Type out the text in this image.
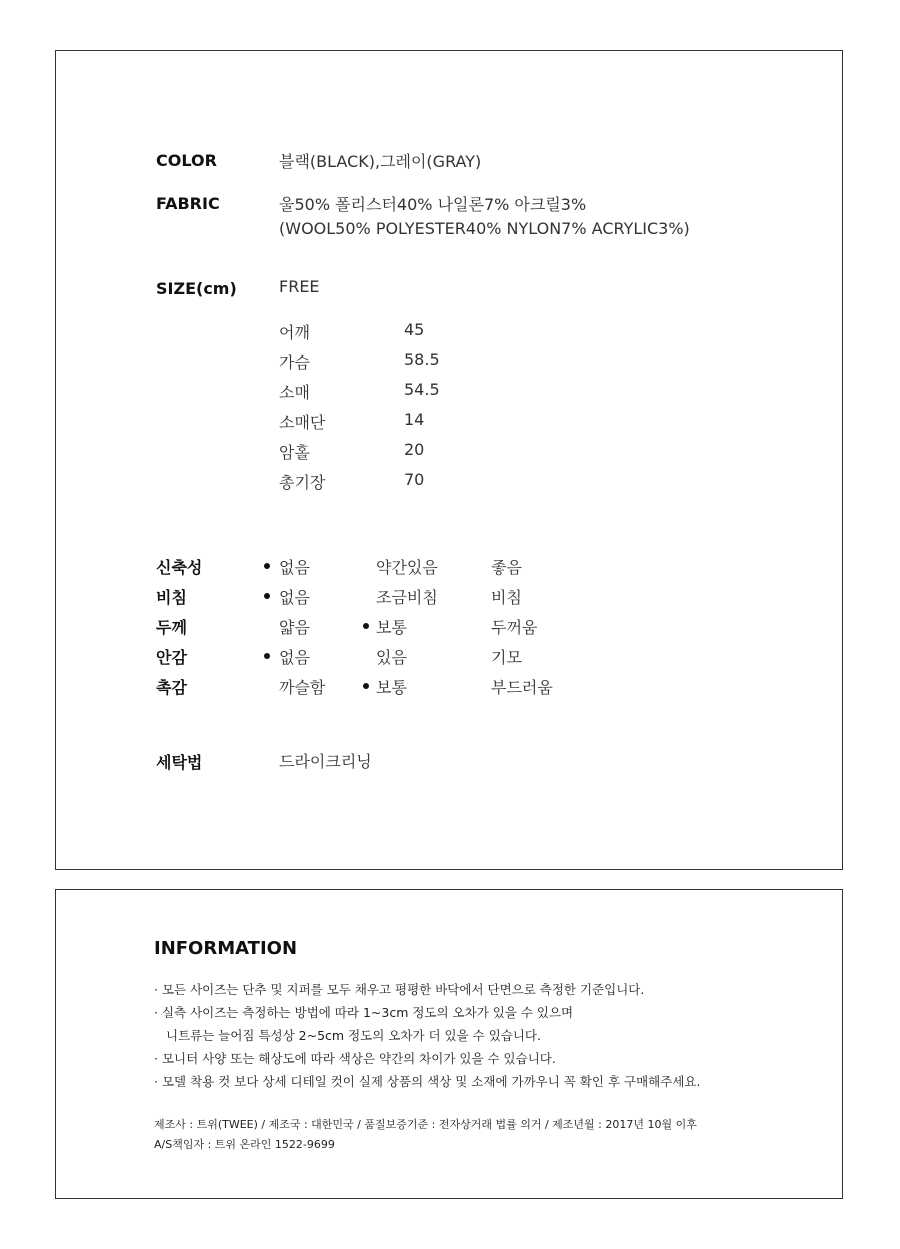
COLOR	블랙(BLACK),그레이(GRAY)
FABRIC	울50% 폴리스터40% 나일론7% 아크릴3%
(WOOL50% POLYESTER40% NYLON7% ACRYLIC3%)
SIZE(cm)	FREE
어깨	45
가슴	58.5
소매	54.5
소매단	14
암홀	20
총기장	70
신축성	없음	약간있음	좋음
비침	없음	조금비침	비침
두께	얇음	보통	두꺼움
안감	없음	있음	기모
촉감	까슬함	보통	부드러움
세탁법	드라이크리닝
INFORMATION
· 모든 사이즈는 단추 및 지퍼를 모두 채우고 평평한 바닥에서 단면으로 측정한 기준입니다.
· 실측 사이즈는 측정하는 방법에 따라 1~3cm 정도의 오차가 있을 수 있으며
니트류는 늘어짐 특성상 2~5cm 정도의 오차가 더 있을 수 있습니다.
· 모니터 사양 또는 해상도에 따라 색상은 약간의 차이가 있을 수 있습니다.
· 모델 착용 컷 보다 상세 디테일 컷이 실제 상품의 색상 및 소재에 가까우니 꼭 확인 후 구매해주세요.
제조사 : 트위(TWEE) / 제조국 : 대한민국 / 품질보증기준 : 전자상거래 법률 의거 / 제조년월 : 2017년 10월 이후
A/S책임자 : 트위 온라인 1522-9699
